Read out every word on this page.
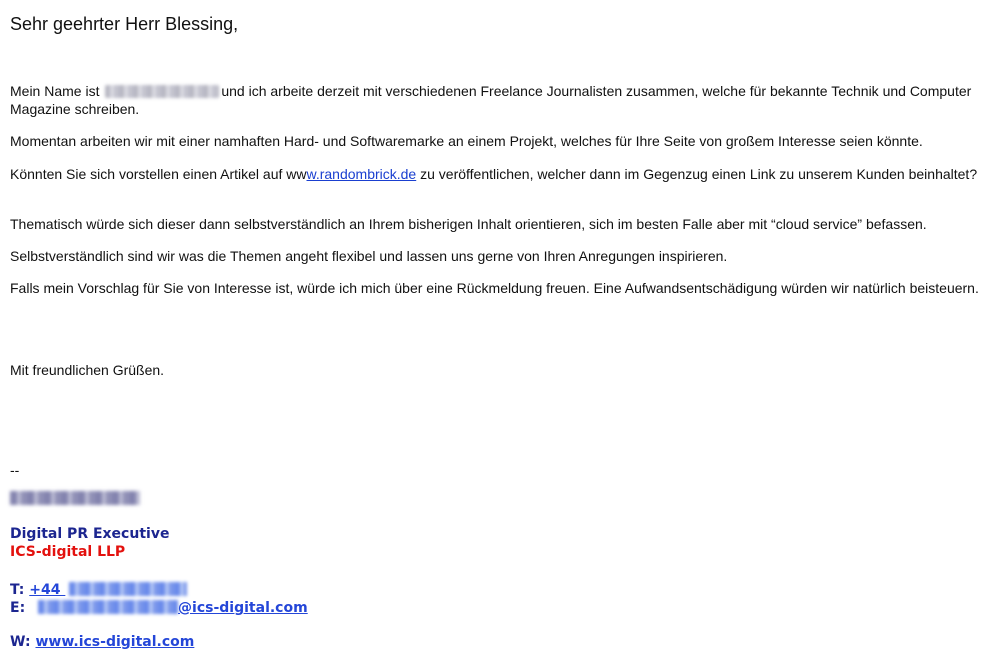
Sehr geehrter Herr Blessing,
Mein Name ist	und ich arbeite derzeit mit verschiedenen Freelance Journalisten zusammen, welche für bekannte Technik und Computer Magazine schreiben.
Momentan arbeiten wir mit einer namhaften Hard- und Softwaremarke an einem Projekt, welches für Ihre Seite von großem Interesse seien könnte.
Könnten Sie sich vorstellen einen Artikel auf www.randombrick.de zu veröffentlichen, welcher dann im Gegenzug einen Link zu unserem Kunden beinhaltet?
Thematisch würde sich dieser dann selbstverständlich an Ihrem bisherigen Inhalt orientieren, sich im besten Falle aber mit “cloud service” befassen.
Selbstverständlich sind wir was die Themen angeht flexibel und lassen uns gerne von Ihren Anregungen inspirieren.
Falls mein Vorschlag für Sie von Interesse ist, würde ich mich über eine Rückmeldung freuen. Eine Aufwandsentschädigung würden wir natürlich beisteuern.
Mit freundlichen Grüßen.
--
Digital PR Executive
ICS-digital LLP
T: +44
E:	@ics-digital.com
W: www.ics-digital.com
